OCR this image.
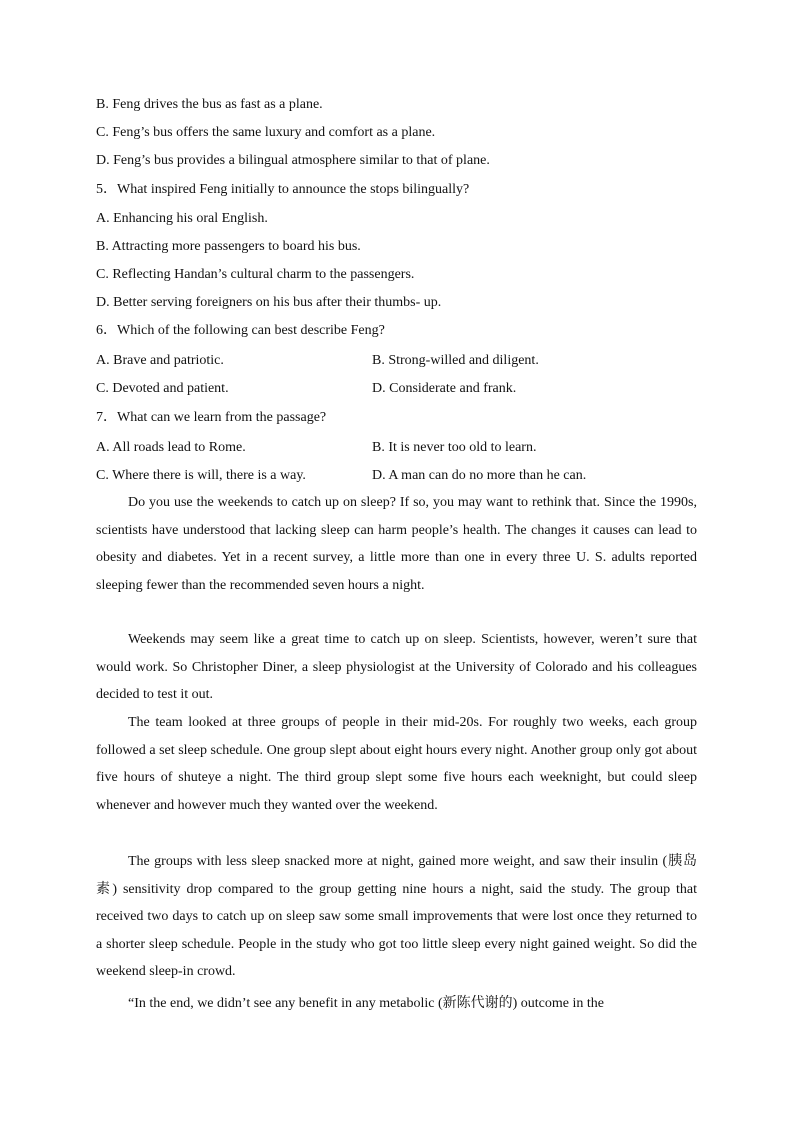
B. Feng drives the bus as fast as a plane.
C. Feng’s bus offers the same luxury and comfort as a plane.
D. Feng’s bus provides a bilingual atmosphere similar to that of plane.
5．What inspired Feng initially to announce the stops bilingually?
A. Enhancing his oral English.
B. Attracting more passengers to board his bus.
C. Reflecting Handan’s cultural charm to the passengers.
D. Better serving foreigners on his bus after their thumbs- up.
6．Which of the following can best describe Feng?
A. Brave and patriotic.	B. Strong-willed and diligent.
C. Devoted and patient.	D. Considerate and frank.
7．What can we learn from the passage?
A. All roads lead to Rome.	B. It is never too old to learn.
C. Where there is will, there is a way.	D. A man can do no more than he can.

Do you use the weekends to catch up on sleep? If so, you may want to rethink that. Since the 1990s, scientists have understood that lacking sleep can harm people’s health. The changes it causes can lead to obesity and diabetes. Yet in a recent survey, a little more than one in every three U. S. adults reported sleeping fewer than the recommended seven hours a night.

Weekends may seem like a great time to catch up on sleep. Scientists, however, weren’t sure that would work. So Christopher Diner, a sleep physiologist at the University of Colorado and his colleagues decided to test it out.

The team looked at three groups of people in their mid-20s. For roughly two weeks, each group followed a set sleep schedule. One group slept about eight hours every night. Another group only got about five hours of shuteye a night. The third group slept some five hours each weeknight, but could sleep whenever and however much they wanted over the weekend.

The groups with less sleep snacked more at night, gained more weight, and saw their insulin (胰岛素) sensitivity drop compared to the group getting nine hours a night, said the study. The group that received two days to catch up on sleep saw some small improvements that were lost once they returned to a shorter sleep schedule. People in the study who got too little sleep every night gained weight. So did the weekend sleep-in crowd.

“In the end, we didn’t see any benefit in any metabolic (新陈代谢的) outcome in the
